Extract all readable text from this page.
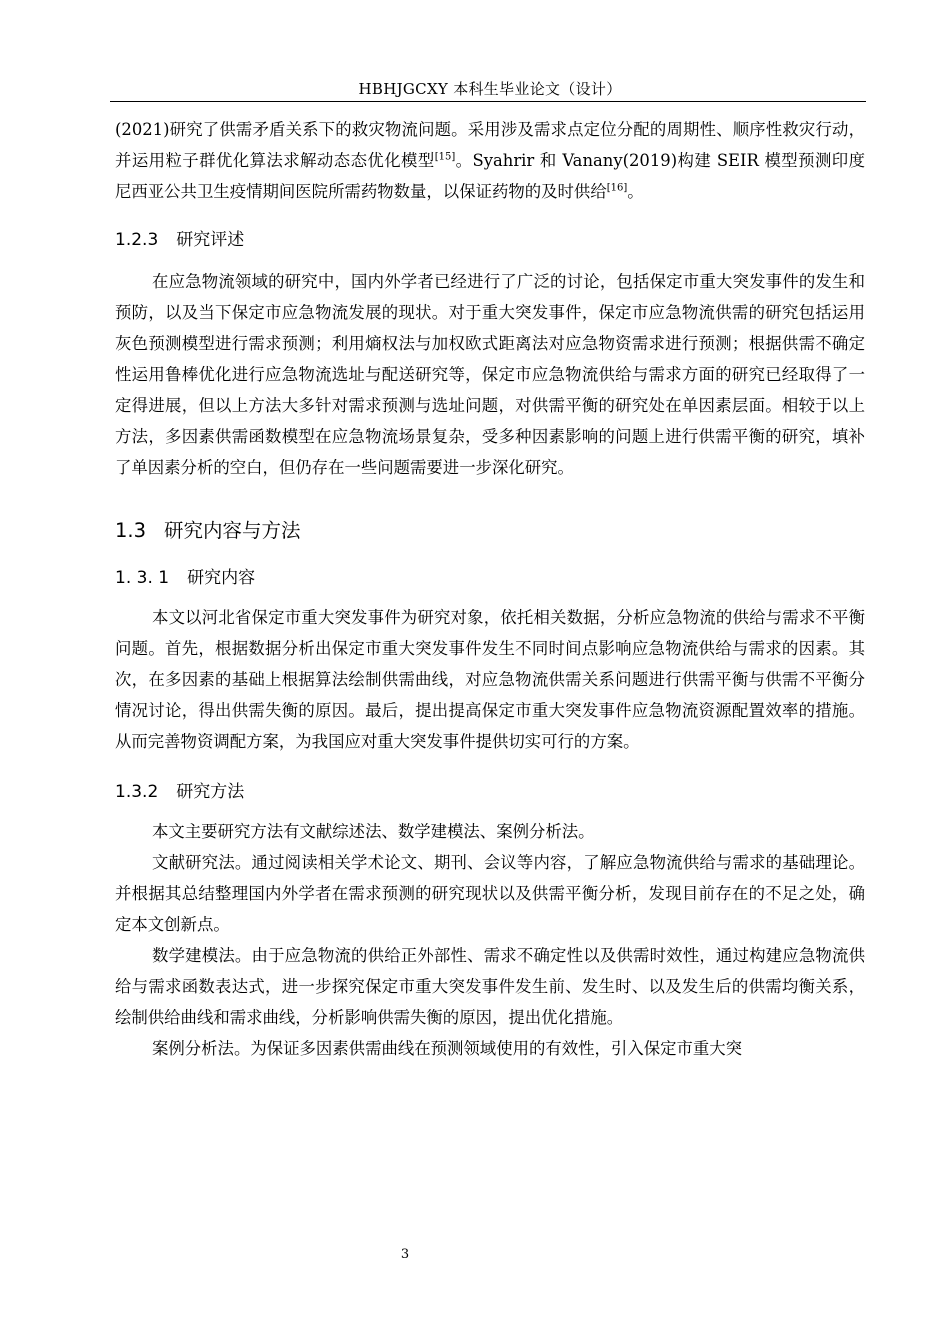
HBHJGCXY 本科生毕业论文（设计）

(2021)研究了供需矛盾关系下的救灾物流问题。采用涉及需求点定位分配的周期性、顺序性救灾行动，并运用粒子群优化算法求解动态态优化模型[15]。Syahrir 和 Vanany(2019)构建 SEIR 模型预测印度尼西亚公共卫生疫情期间医院所需药物数量，以保证药物的及时供给[16]。

1.2.3 研究评述

在应急物流领域的研究中，国内外学者已经进行了广泛的讨论，包括保定市重大突发事件的发生和预防，以及当下保定市应急物流发展的现状。对于重大突发事件，保定市应急物流供需的研究包括运用灰色预测模型进行需求预测；利用熵权法与加权欧式距离法对应急物资需求进行预测；根据供需不确定性运用鲁棒优化进行应急物流选址与配送研究等，保定市应急物流供给与需求方面的研究已经取得了一定得进展，但以上方法大多针对需求预测与选址问题，对供需平衡的研究处在单因素层面。相较于以上方法，多因素供需函数模型在应急物流场景复杂，受多种因素影响的问题上进行供需平衡的研究，填补了单因素分析的空白，但仍存在一些问题需要进一步深化研究。

1.3 研究内容与方法
1. 3. 1 研究内容

本文以河北省保定市重大突发事件为研究对象，依托相关数据，分析应急物流的供给与需求不平衡问题。首先，根据数据分析出保定市重大突发事件发生不同时间点影响应急物流供给与需求的因素。其次，在多因素的基础上根据算法绘制供需曲线，对应急物流供需关系问题进行供需平衡与供需不平衡分情况讨论，得出供需失衡的原因。最后，提出提高保定市重大突发事件应急物流资源配置效率的措施。从而完善物资调配方案，为我国应对重大突发事件提供切实可行的方案。

1.3.2 研究方法

本文主要研究方法有文献综述法、数学建模法、案例分析法。

文献研究法。通过阅读相关学术论文、期刊、会议等内容，了解应急物流供给与需求的基础理论。并根据其总结整理国内外学者在需求预测的研究现状以及供需平衡分析，发现目前存在的不足之处，确定本文创新点。

数学建模法。由于应急物流的供给正外部性、需求不确定性以及供需时效性，通过构建应急物流供给与需求函数表达式，进一步探究保定市重大突发事件发生前、发生时、以及发生后的供需均衡关系，绘制供给曲线和需求曲线，分析影响供需失衡的原因，提出优化措施。

案例分析法。为保证多因素供需曲线在预测领域使用的有效性，引入保定市重大突

3
